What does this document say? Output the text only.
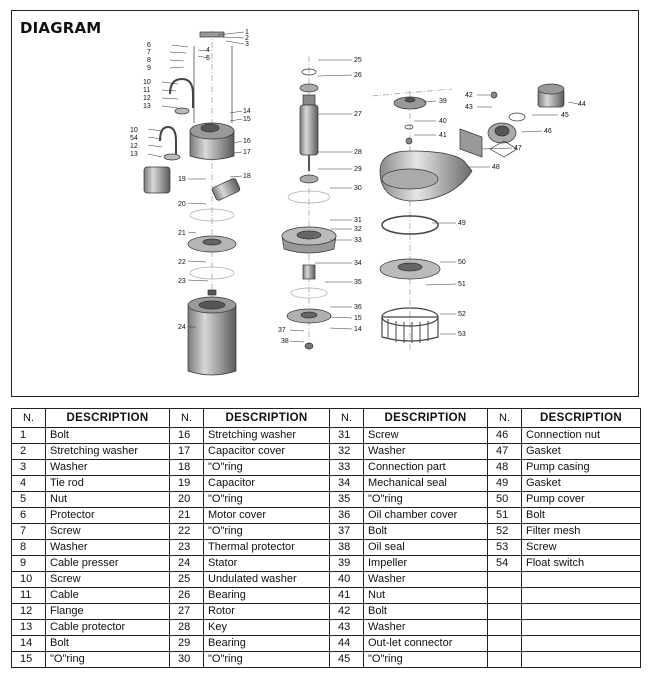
DIAGRAM	1
2
3
4
5
6
7
8
9
10
11
12
13
10
54
12
13
14
15
16
17
18
19
20
21
22
23
24
25
26
27
28
29
30
31
32
33
34
35
36
15
37	14
38
39
40
41
42
43	44
45
46
47
48
49
50
51
52
53
N.	DESCRIPTION	N.	DESCRIPTION	N.	DESCRIPTION	N.	DESCRIPTION
1	Bolt	16	Stretching washer	31	Screw	46	Connection nut
2	Stretching washer	17	Capacitor cover	32	Washer	47	Gasket
3	Washer	18	"O"ring	33	Connection part	48	Pump casing
4	Tie rod	19	Capacitor	34	Mechanical seal	49	Gasket
5	Nut	20	"O"ring	35	"O"ring	50	Pump cover
6	Protector	21	Motor cover	36	Oil chamber cover	51	Bolt
7	Screw	22	"O"ring	37	Bolt	52	Filter mesh
8	Washer	23	Thermal protector	38	Oil seal	53	Screw
9	Cable presser	24	Stator	39	Impeller	54	Float switch
10	Screw	25	Undulated washer	40	Washer		
11	Cable	26	Bearing	41	Nut		
12	Flange	27	Rotor	42	Bolt		
13	Cable protector	28	Key	43	Washer		
14	Bolt	29	Bearing	44	Out-let connector		
15	"O"ring	30	"O"ring	45	"O"ring		
